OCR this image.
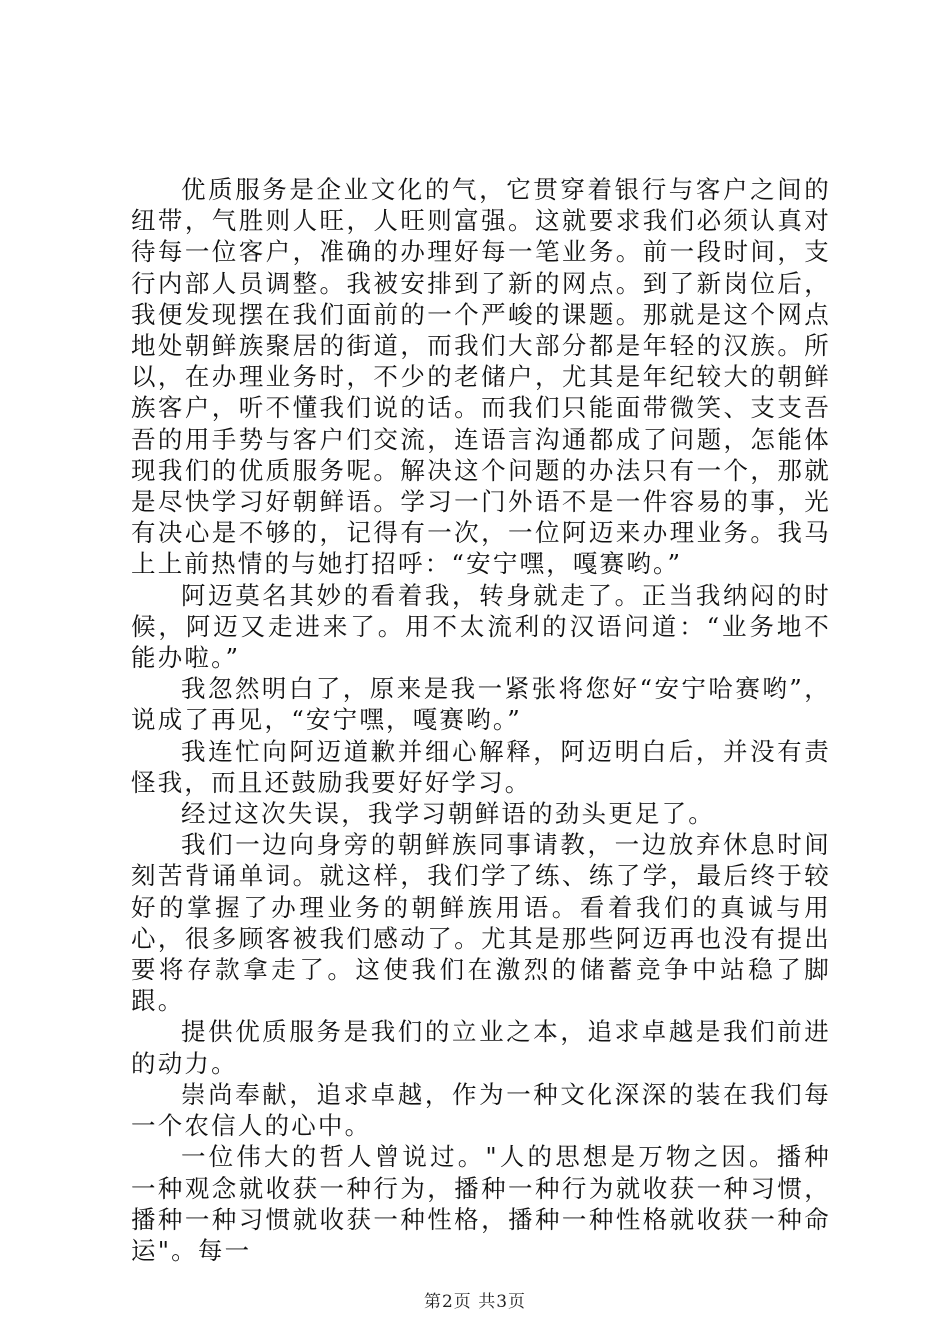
优质服务是企业文化的气，它贯穿着银行与客户之间的纽带，气胜则人旺，人旺则富强。这就要求我们必须认真对待每一位客户，准确的办理好每一笔业务。前一段时间，支行内部人员调整。我被安排到了新的网点。到了新岗位后，我便发现摆在我们面前的一个严峻的课题。那就是这个网点地处朝鲜族聚居的街道，而我们大部分都是年轻的汉族。所以，在办理业务时，不少的老储户，尤其是年纪较大的朝鲜族客户，听不懂我们说的话。而我们只能面带微笑、支支吾吾的用手势与客户们交流，连语言沟通都成了问题，怎能体现我们的优质服务呢。解决这个问题的办法只有一个，那就是尽快学习好朝鲜语。学习一门外语不是一件容易的事，光有决心是不够的，记得有一次，一位阿迈来办理业务。我马上上前热情的与她打招呼：“安宁嘿，嘎赛哟。”

阿迈莫名其妙的看着我，转身就走了。正当我纳闷的时候，阿迈又走进来了。用不太流利的汉语问道：“业务地不能办啦。”

我忽然明白了，原来是我一紧张将您好“安宁哈赛哟”，说成了再见，“安宁嘿，嘎赛哟。”

我连忙向阿迈道歉并细心解释，阿迈明白后，并没有责怪我，而且还鼓励我要好好学习。

经过这次失误，我学习朝鲜语的劲头更足了。

我们一边向身旁的朝鲜族同事请教，一边放弃休息时间刻苦背诵单词。就这样，我们学了练、练了学，最后终于较好的掌握了办理业务的朝鲜族用语。看着我们的真诚与用心，很多顾客被我们感动了。尤其是那些阿迈再也没有提出要将存款拿走了。这使我们在激烈的储蓄竞争中站稳了脚跟。

提供优质服务是我们的立业之本，追求卓越是我们前进的动力。

崇尚奉献，追求卓越，作为一种文化深深的装在我们每一个农信人的心中。

一位伟大的哲人曾说过。"人的思想是万物之因。播种一种观念就收获一种行为，播种一种行为就收获一种习惯，播种一种习惯就收获一种性格，播种一种性格就收获一种命运"。每一

第2页 共3页
